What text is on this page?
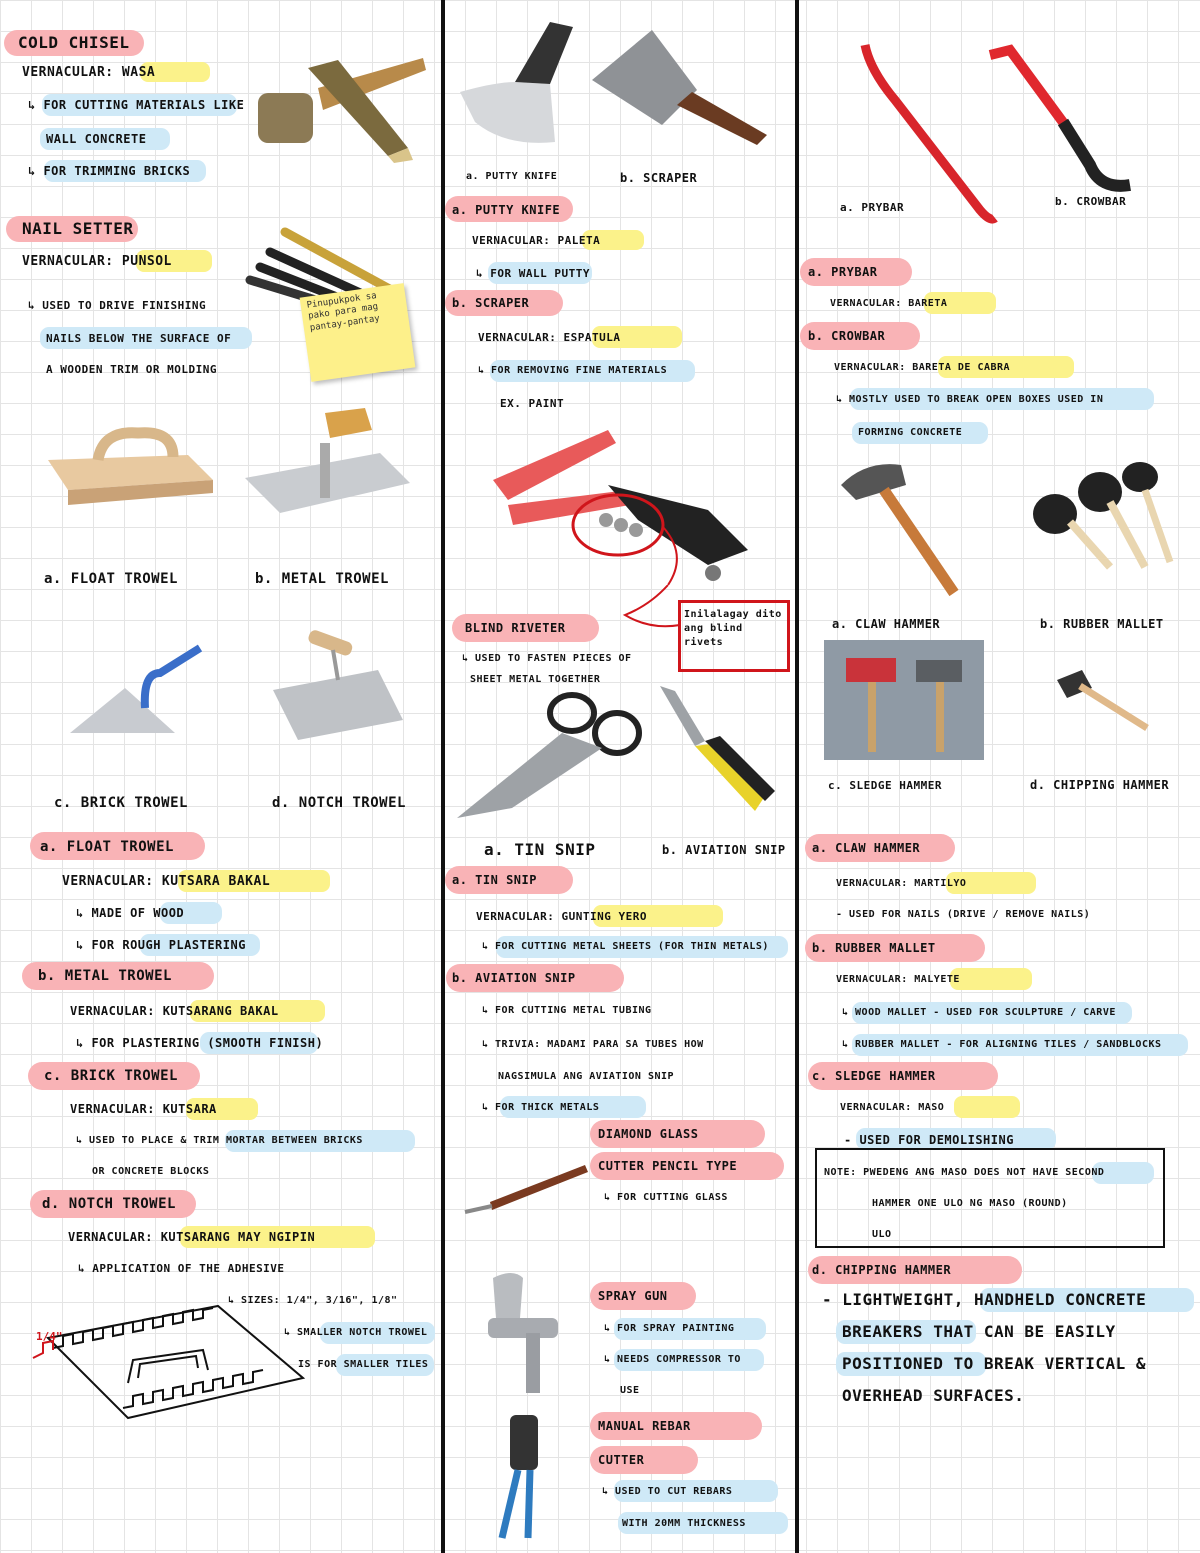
COLD CHISEL
VERNACULAR: WASA
↳ FOR CUTTING MATERIALS LIKE
WALL CONCRETE
↳ FOR TRIMMING BRICKS
NAIL SETTER
VERNACULAR: PUNSOL
↳ USED TO DRIVE FINISHING
NAILS BELOW THE SURFACE OF
A WOODEN TRIM OR MOLDING
Pinupukpok sa pako para mag pantay-pantay
a. FLOAT TROWEL	b. METAL TROWEL
c. BRICK TROWEL	d. NOTCH TROWEL
a. FLOAT TROWEL
VERNACULAR: KUTSARA BAKAL
↳ MADE OF WOOD
↳ FOR ROUGH PLASTERING
b. METAL TROWEL
VERNACULAR: KUTSARANG BAKAL
↳ FOR PLASTERING (SMOOTH FINISH)
c. BRICK TROWEL
VERNACULAR: KUTSARA
↳ USED TO PLACE & TRIM MORTAR BETWEEN BRICKS
OR CONCRETE BLOCKS
d. NOTCH TROWEL
VERNACULAR: KUTSARANG MAY NGIPIN
↳ APPLICATION OF THE ADHESIVE
↳ SIZES: 1/4", 3/16", 1/8"
↳ SMALLER NOTCH TROWEL
IS FOR SMALLER TILES
1/4"
a. PUTTY KNIFE	b. SCRAPER
a. PUTTY KNIFE
VERNACULAR: PALETA
↳ FOR WALL PUTTY
b. SCRAPER
VERNACULAR: ESPATULA
↳ FOR REMOVING FINE MATERIALS
EX. PAINT
Inilalagay dito ang blind rivets
BLIND RIVETER
↳ USED TO FASTEN PIECES OF
SHEET METAL TOGETHER
a. TIN SNIP	b. AVIATION SNIP
a. TIN SNIP
VERNACULAR: GUNTING YERO
↳ FOR CUTTING METAL SHEETS (FOR THIN METALS)
b. AVIATION SNIP
↳ FOR CUTTING METAL TUBING
↳ TRIVIA: MADAMI PARA SA TUBES HOW
NAGSIMULA ANG AVIATION SNIP
↳ FOR THICK METALS
DIAMOND GLASS
CUTTER PENCIL TYPE
↳ FOR CUTTING GLASS
SPRAY GUN
↳ FOR SPRAY PAINTING
↳ NEEDS COMPRESSOR TO
USE
MANUAL REBAR
CUTTER
↳ USED TO CUT REBARS
WITH 20MM THICKNESS
a. PRYBAR	b. CROWBAR
a. PRYBAR
VERNACULAR: BARETA
b. CROWBAR
VERNACULAR: BARETA DE CABRA
↳ MOSTLY USED TO BREAK OPEN BOXES USED IN
FORMING CONCRETE
a. CLAW HAMMER	b. RUBBER MALLET
c. SLEDGE HAMMER	d. CHIPPING HAMMER
a. CLAW HAMMER
VERNACULAR: MARTILYO
- USED FOR NAILS (DRIVE / REMOVE NAILS)
b. RUBBER MALLET
VERNACULAR: MALYETE
↳ WOOD MALLET - USED FOR SCULPTURE / CARVE
↳ RUBBER MALLET - FOR ALIGNING TILES / SANDBLOCKS
c. SLEDGE HAMMER
VERNACULAR: MASO
- USED FOR DEMOLISHING
NOTE: PWEDENG ANG MASO DOES NOT HAVE SECOND
HAMMER ONE ULO NG MASO (ROUND)
ULO
d. CHIPPING HAMMER
- LIGHTWEIGHT, HANDHELD CONCRETE
BREAKERS THAT CAN BE EASILY
POSITIONED TO BREAK VERTICAL &
OVERHEAD SURFACES.
